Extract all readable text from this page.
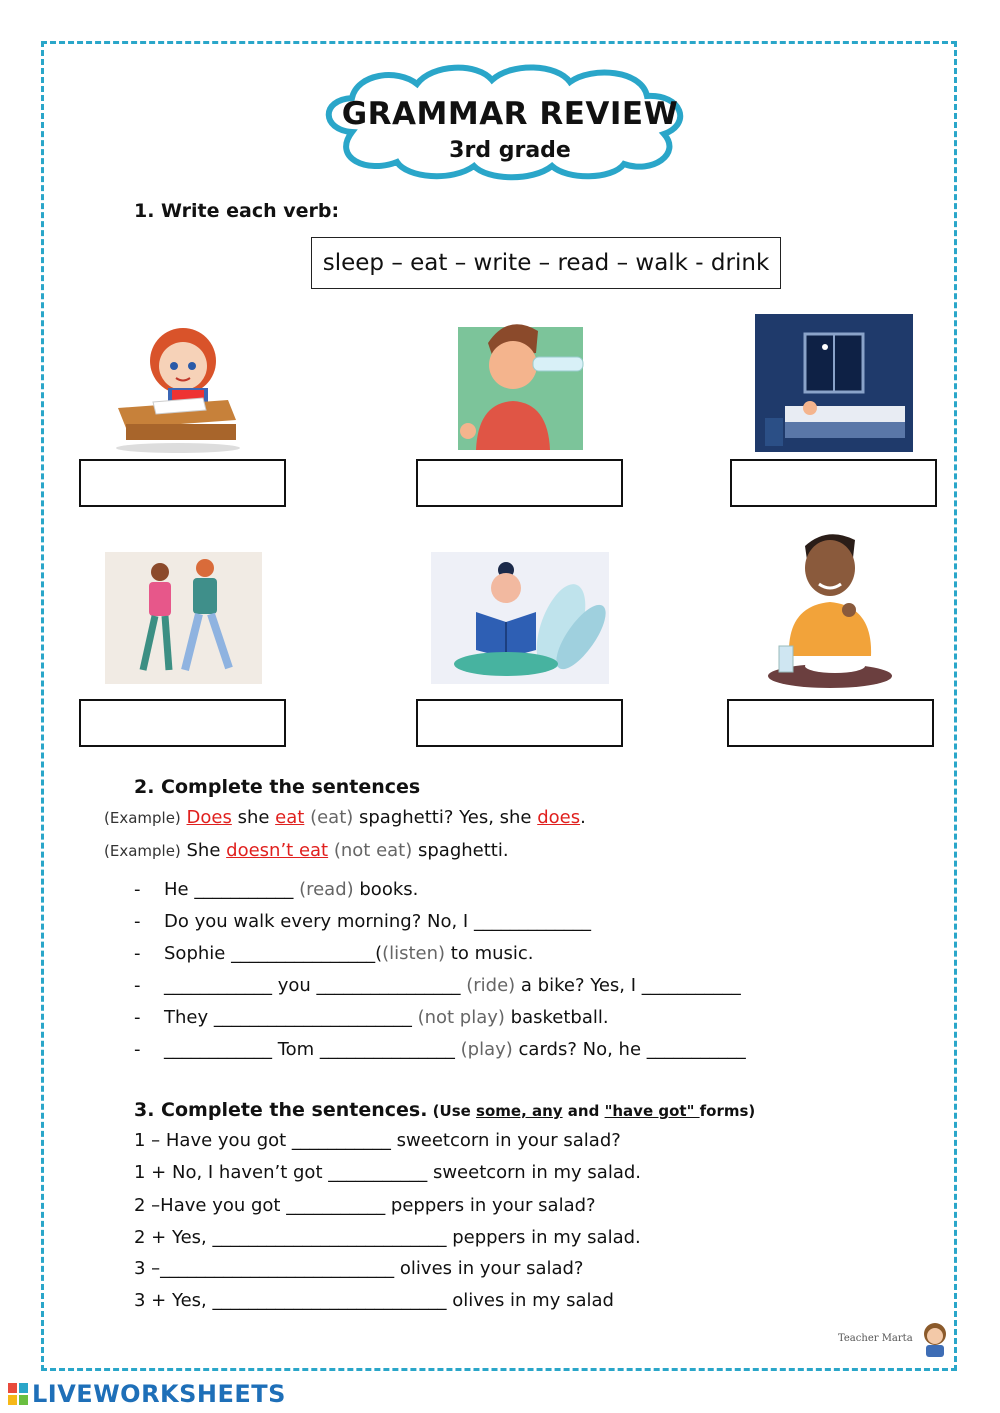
GRAMMAR REVIEW
3rd grade
1. Write each verb:
sleep – eat – write – read – walk - drink
2. Complete the sentences
(Example) Does she eat (eat) spaghetti? Yes, she does.
(Example) She doesn’t eat (not eat) spaghetti.
- He ___________ (read) books.
- Do you walk every morning? No, I _____________
- Sophie ________________((listen) to music.
- ____________ you ________________ (ride) a bike? Yes, I ___________
- They ______________________ (not play) basketball.
- ____________ Tom _______________ (play) cards? No, he ___________
3. Complete the sentences. (Use some, any and "have got" forms)
1 – Have you got ___________ sweetcorn in your salad?
1 + No, I haven’t got ___________ sweetcorn in my salad.
2 –Have you got ___________ peppers in your salad?
2 + Yes, __________________________ peppers in my salad.
3 –__________________________ olives in your salad?
3 + Yes, __________________________ olives in my salad
Teacher Marta
LIVEWORKSHEETS
